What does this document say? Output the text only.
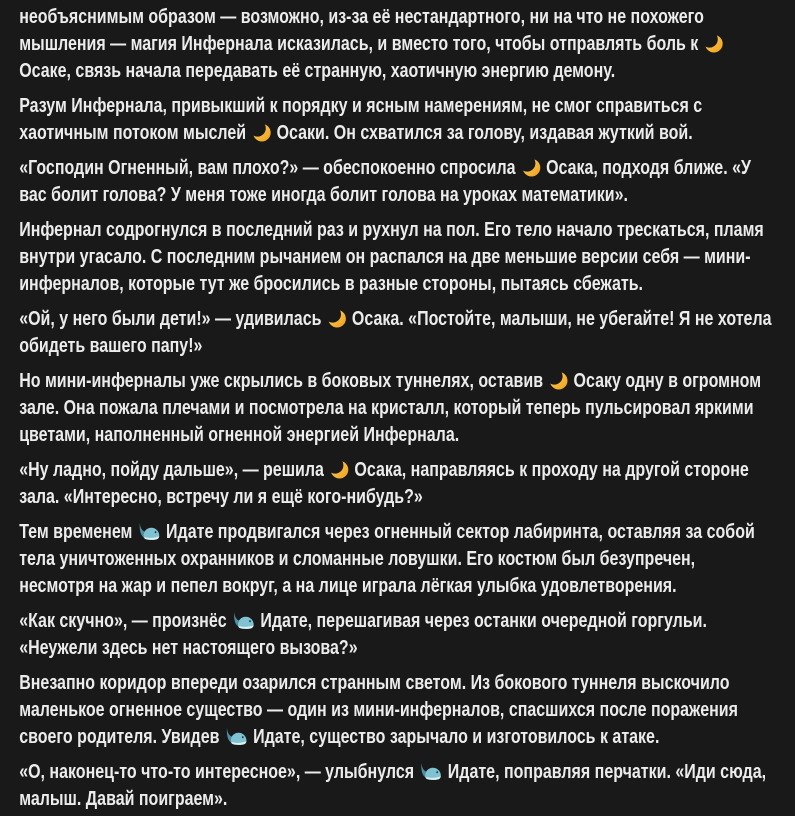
необъяснимым образом — возможно, из-за её нестандартного, ни на что не похожего мышления — магия Инфернала исказилась, и вместо того, чтобы отправлять боль к  Осаке, связь начала передавать её странную, хаотичную энергию демону.

Разум Инфернала, привыкший к порядку и ясным намерениям, не смог справиться с хаотичным потоком мыслей  Осаки. Он схватился за голову, издавая жуткий вой.

«Господин Огненный, вам плохо?» — обеспокоенно спросила  Осака, подходя ближе. «У вас болит голова? У меня тоже иногда болит голова на уроках математики».

Инфернал содрогнулся в последний раз и рухнул на пол. Его тело начало трескаться, пламя внутри угасало. С последним рычанием он распался на две меньшие версии себя — мини-инферналов, которые тут же бросились в разные стороны, пытаясь сбежать.

«Ой, у него были дети!» — удивилась  Осака. «Постойте, малыши, не убегайте! Я не хотела обидеть вашего папу!»

Но мини-инферналы уже скрылись в боковых туннелях, оставив  Осаку одну в огромном зале. Она пожала плечами и посмотрела на кристалл, который теперь пульсировал яркими цветами, наполненный огненной энергией Инфернала.

«Ну ладно, пойду дальше», — решила  Осака, направляясь к проходу на другой стороне зала. «Интересно, встречу ли я ещё кого-нибудь?»

Тем временем  Идате продвигался через огненный сектор лабиринта, оставляя за собой тела уничтоженных охранников и сломанные ловушки. Его костюм был безупречен, несмотря на жар и пепел вокруг, а на лице играла лёгкая улыбка удовлетворения.

«Как скучно», — произнёс  Идате, перешагивая через останки очередной горгульи. «Неужели здесь нет настоящего вызова?»

Внезапно коридор впереди озарился странным светом. Из бокового туннеля выскочило маленькое огненное существо — один из мини-инферналов, спасшихся после поражения своего родителя. Увидев  Идате, существо зарычало и изготовилось к атаке.

«О, наконец-то что-то интересное», — улыбнулся  Идате, поправляя перчатки. «Иди сюда, малыш. Давай поиграем».
